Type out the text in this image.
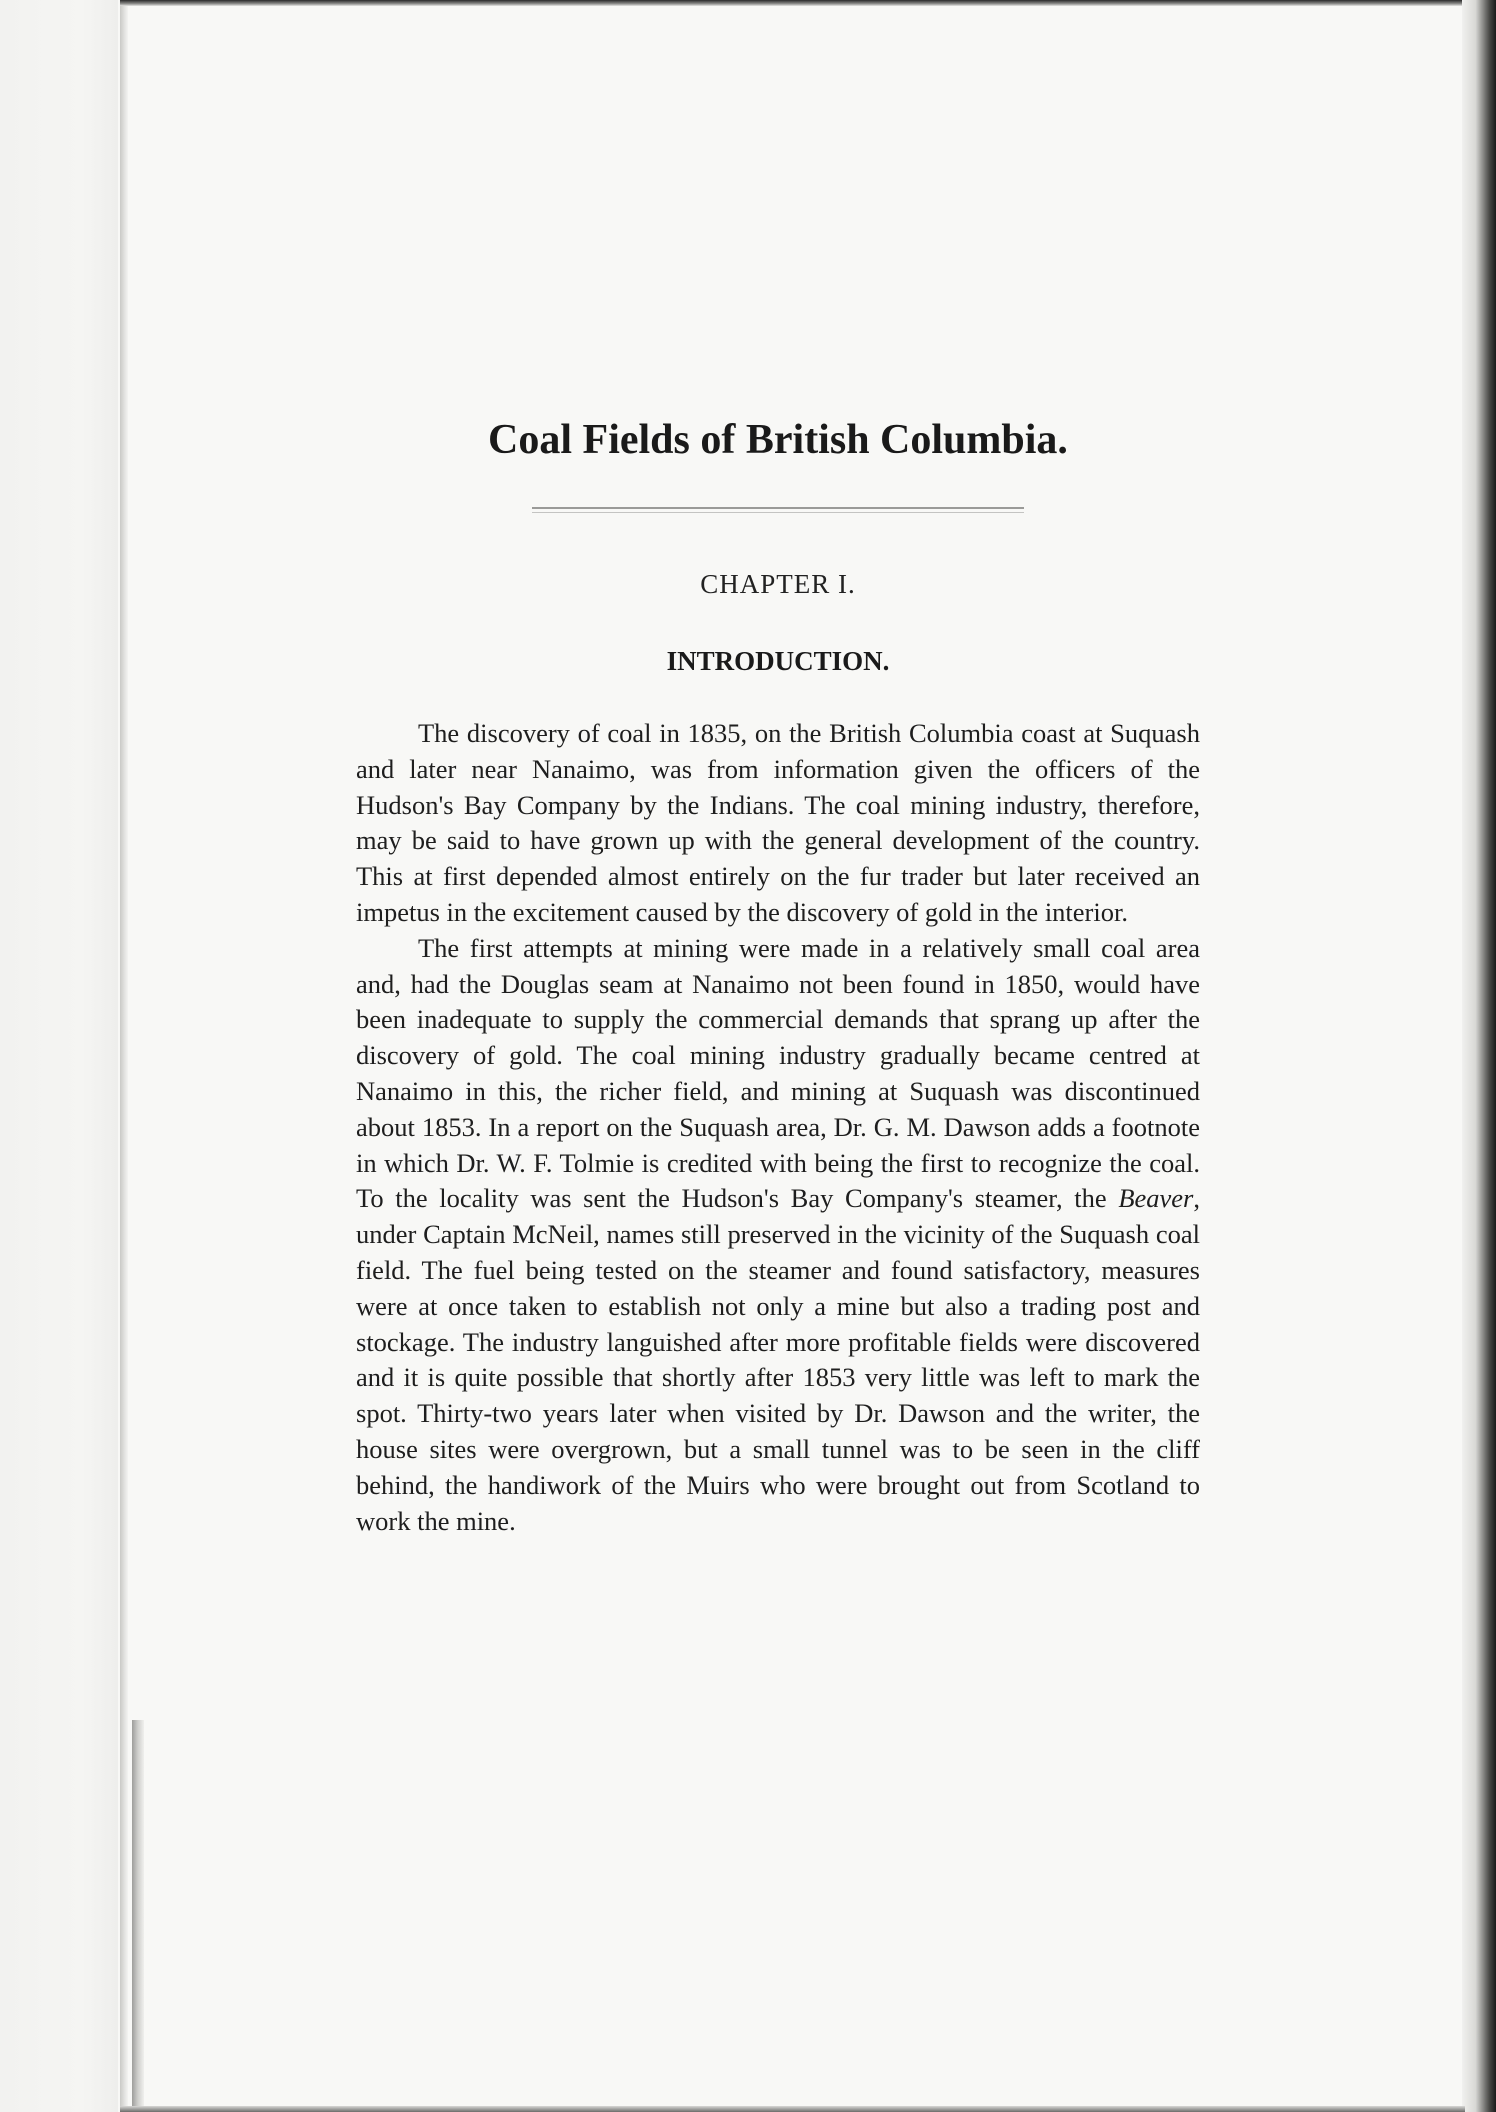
Coal Fields of British Columbia.
CHAPTER I.
INTRODUCTION.

The discovery of coal in 1835, on the British Columbia coast at Suquash and later near Nanaimo, was from information given the officers of the Hudson's Bay Company by the Indians. The coal mining industry, therefore, may be said to have grown up with the general development of the country. This at first depended almost entirely on the fur trader but later received an impetus in the excitement caused by the discovery of gold in the interior.

The first attempts at mining were made in a relatively small coal area and, had the Douglas seam at Nanaimo not been found in 1850, would have been inadequate to supply the commercial demands that sprang up after the discovery of gold. The coal mining industry gradually became centred at Nanaimo in this, the richer field, and mining at Suquash was discontinued about 1853. In a report on the Suquash area, Dr. G. M. Dawson adds a footnote in which Dr. W. F. Tolmie is credited with being the first to recognize the coal. To the locality was sent the Hudson's Bay Company's steamer, the Beaver, under Captain McNeil, names still preserved in the vicinity of the Suquash coal field. The fuel being tested on the steamer and found satisfactory, measures were at once taken to establish not only a mine but also a trading post and stockage. The industry languished after more profitable fields were discovered and it is quite possible that shortly after 1853 very little was left to mark the spot. Thirty-two years later when visited by Dr. Dawson and the writer, the house sites were overgrown, but a small tunnel was to be seen in the cliff behind, the handiwork of the Muirs who were brought out from Scotland to work the mine.
